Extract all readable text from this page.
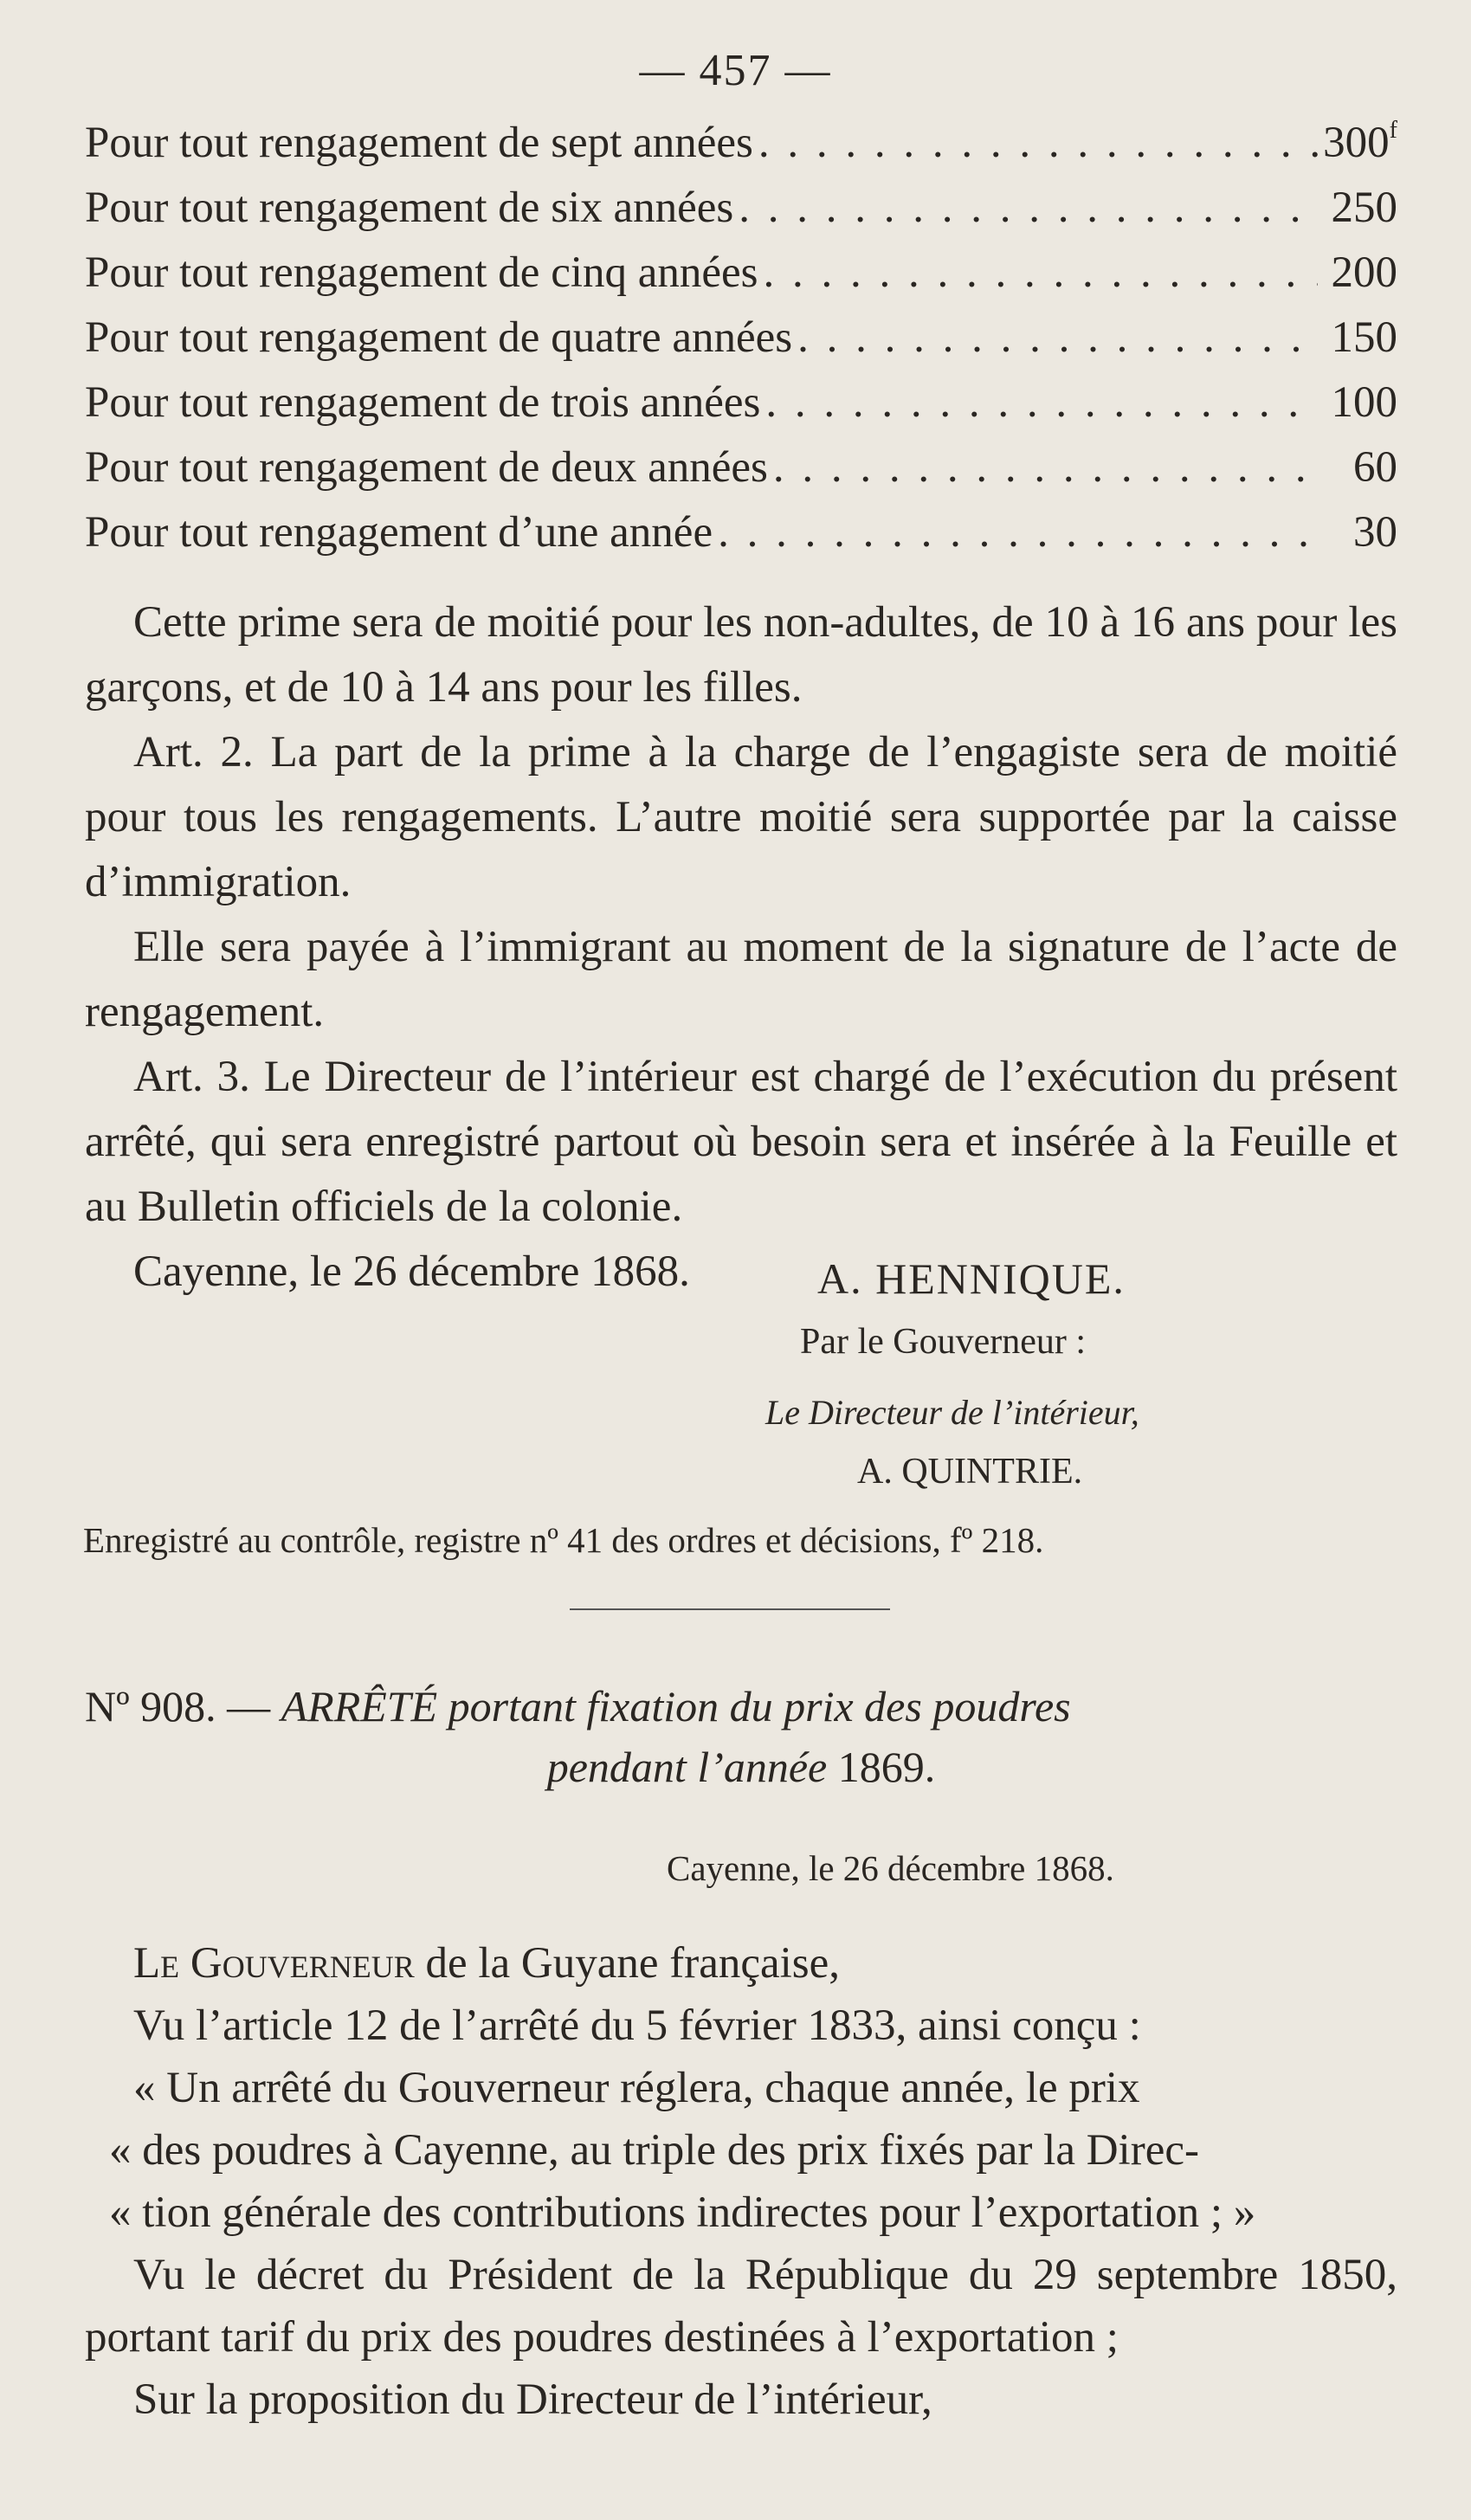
— 457 —
Pour tout rengagement de sept années . . .	300$^f$
Pour tout rengagement de six années . . .	250
Pour tout rengagement de cinq années . . .	200
Pour tout rengagement de quatre années . . .	150
Pour tout rengagement de trois années . . .	100
Pour tout rengagement de deux années . . .	60
Pour tout rengagement d’une année . . .	30

Cette prime sera de moitié pour les non-adultes, de 10 à 16 ans pour les garçons, et de 10 à 14 ans pour les filles.

Art. 2. La part de la prime à la charge de l’engagiste sera de moitié pour tous les rengagements. L’autre moitié sera supportée par la caisse d’immigration.

Elle sera payée à l’immigrant au moment de la signature de l’acte de rengagement.

Art. 3. Le Directeur de l’intérieur est chargé de l’exécution du présent arrêté, qui sera enregistré partout où besoin sera et insérée à la Feuille et au Bulletin officiels de la colonie.

Cayenne, le 26 décembre 1868.	A. HENNIQUE.
Par le Gouverneur :
Le Directeur de l’intérieur,
A. QUINTRIE.
Enregistré au contrôle, registre nº 41 des ordres et décisions, fº 218.
Nº 908. — ARRÊTÉ portant fixation du prix des poudres
pendant l’année 1869.
Cayenne, le 26 décembre 1868.

Le Gouverneur de la Guyane française,

Vu l’article 12 de l’arrêté du 5 février 1833, ainsi conçu :

« Un arrêté du Gouverneur réglera, chaque année, le prix

« des poudres à Cayenne, au triple des prix fixés par la Direc-

« tion générale des contributions indirectes pour l’exportation ; »

Vu le décret du Président de la République du 29 septembre 1850, portant tarif du prix des poudres destinées à l’exportation ;

Sur la proposition du Directeur de l’intérieur,
